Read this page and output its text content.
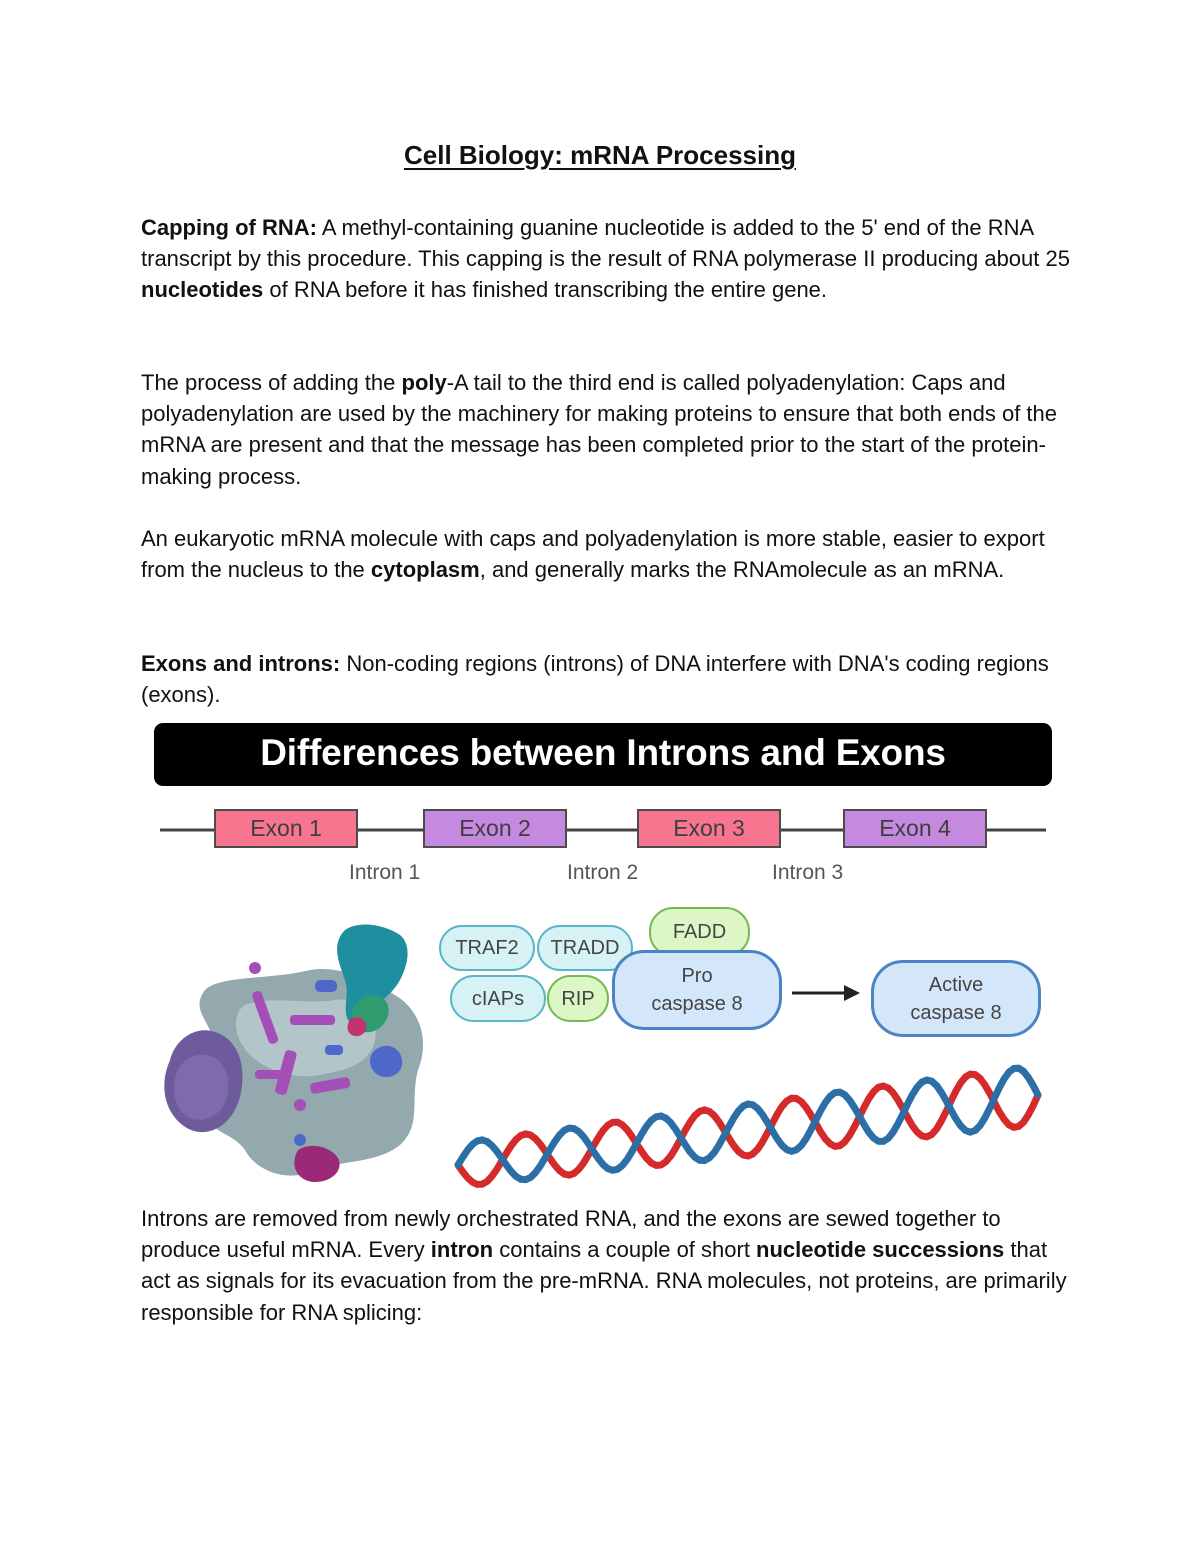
Cell Biology: mRNA Processing
Capping of RNA: A methyl-containing guanine nucleotide is added to the 5' end of the RNA transcript by this procedure. This capping is the result of RNA polymerase II producing about 25 nucleotides of RNA before it has finished transcribing the entire gene.
The process of adding the poly-A tail to the third end is called polyadenylation: Caps and polyadenylation are used by the machinery for making proteins to ensure that both ends of the mRNA are present and that the message has been completed prior to the start of the protein-making process.
An eukaryotic mRNA molecule with caps and polyadenylation is more stable, easier to export from the nucleus to the cytoplasm, and generally marks the RNAmolecule as an mRNA.
Exons and introns: Non-coding regions (introns) of DNA interfere with DNA's coding regions (exons).
Differences between Introns and Exons
Exon 1	Exon 2	Exon 3	Exon 4
Intron 1	Intron 2	Intron 3
TRAF2	TRADD
FADD
cIAPs	RIP
Pro
caspase 8
Active
caspase 8
Introns are removed from newly orchestrated RNA, and the exons are sewed together to produce useful mRNA. Every intron contains a couple of short nucleotide successions that act as signals for its evacuation from the pre-mRNA. RNA molecules, not proteins, are primarily responsible for RNA splicing:
